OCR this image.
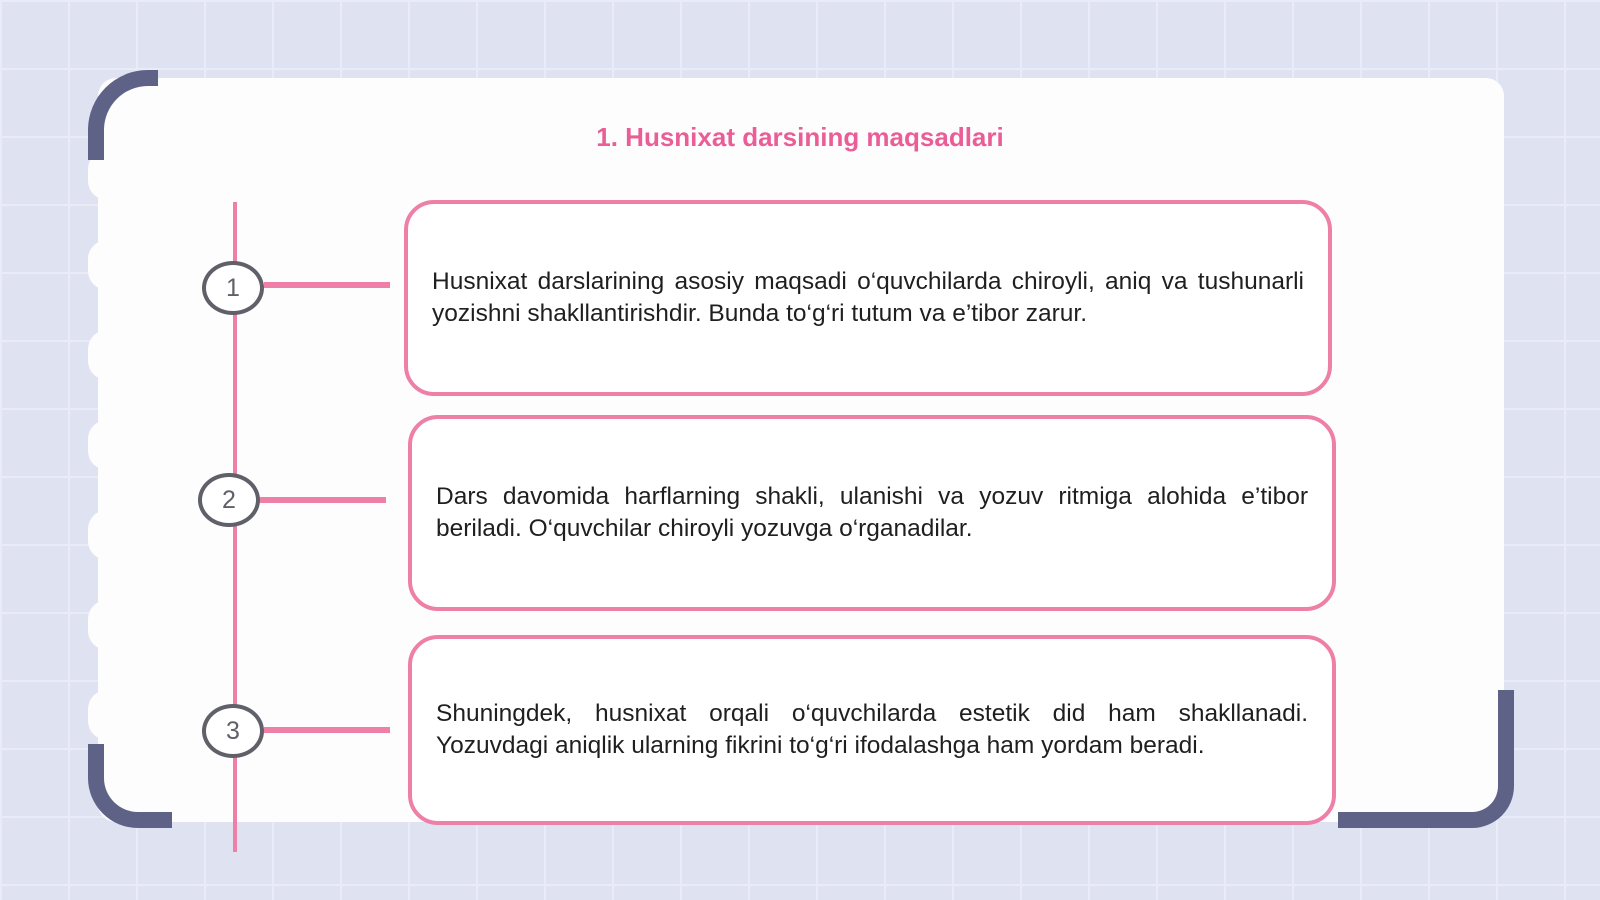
1. Husnixat darsining maqsadlari
1
2
3

Husnixat darslarining asosiy maqsadi o‘quvchilarda chiroyli, aniq va tushunarli yozishni shakllantirishdir. Bunda to‘g‘ri tutum va e’tibor zarur.

Dars davomida harflarning shakli, ulanishi va yozuv ritmiga alohida e’tibor beriladi. O‘quvchilar chiroyli yozuvga o‘rganadilar.

Shuningdek, husnixat orqali o‘quvchilarda estetik did ham shakllanadi. Yozuvdagi aniqlik ularning fikrini to‘g‘ri ifodalashga ham yordam beradi.
